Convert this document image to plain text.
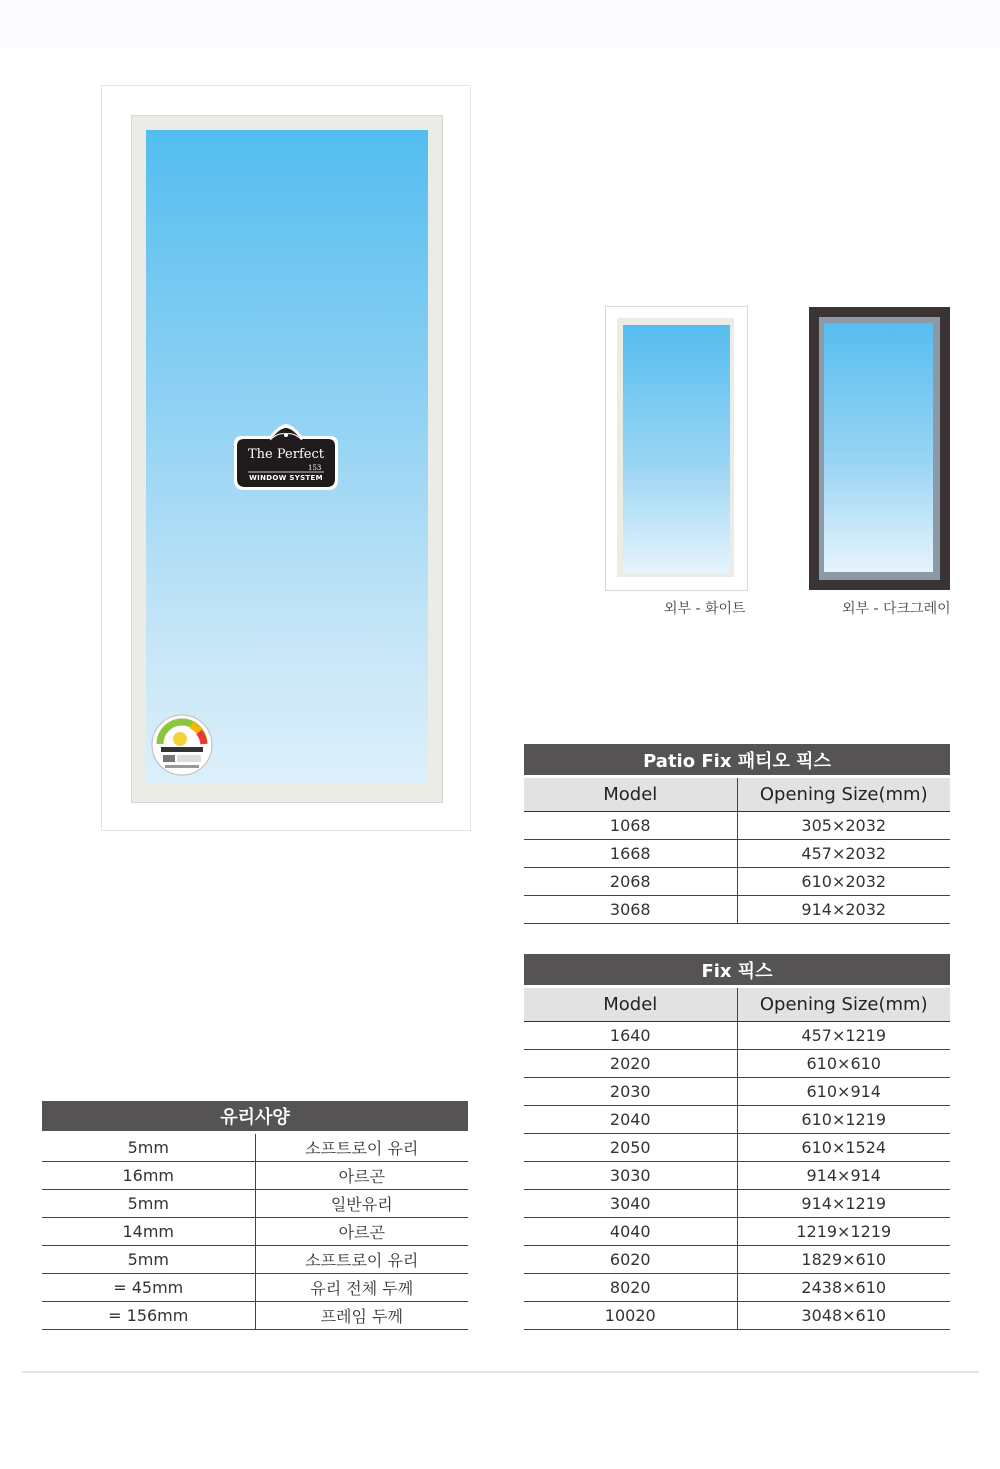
The Perfect
153
WINDOW SYSTEM
외부 - 화이트	외부 - 다크그레이
Patio Fix 패티오 픽스	
Model	Opening Size(mm)
1068	305×2032
1668	457×2032
2068	610×2032
3068	914×2032
Fix 픽스	
Model	Opening Size(mm)
1640	457×1219
2020	610×610
2030	610×914
2040	610×1219
2050	610×1524
3030	914×914
3040	914×1219
4040	1219×1219
6020	1829×610
8020	2438×610
10020	3048×610
유리사양	
5mm	소프트로이 유리
16mm	아르곤
5mm	일반유리
14mm	아르곤
5mm	소프트로이 유리
= 45mm	유리 전체 두께
= 156mm	프레임 두께
